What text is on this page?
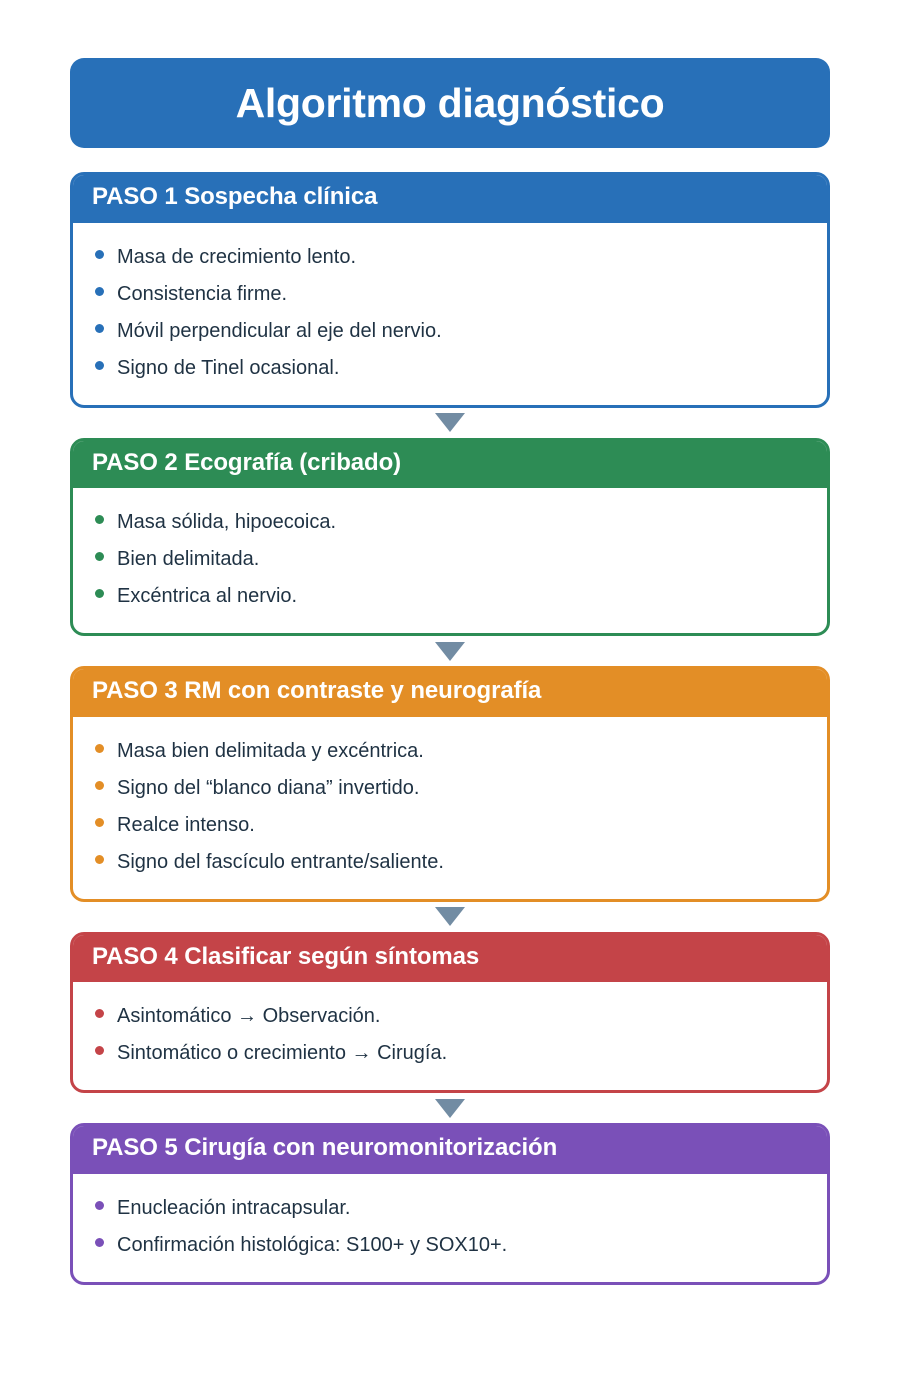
Algoritmo diagnóstico
PASO 1 Sospecha clínica
Masa de crecimiento lento.
Consistencia firme.
Móvil perpendicular al eje del nervio.
Signo de Tinel ocasional.
PASO 2 Ecografía (cribado)
Masa sólida, hipoecoica.
Bien delimitada.
Excéntrica al nervio.
PASO 3 RM con contraste y neurografía
Masa bien delimitada y excéntrica.
Signo del “blanco diana” invertido.
Realce intenso.
Signo del fascículo entrante/saliente.
PASO 4 Clasificar según síntomas
Asintomático → Observación.
Sintomático o crecimiento → Cirugía.
PASO 5 Cirugía con neuromonitorización
Enucleación intracapsular.
Confirmación histológica: S100+ y SOX10+.
